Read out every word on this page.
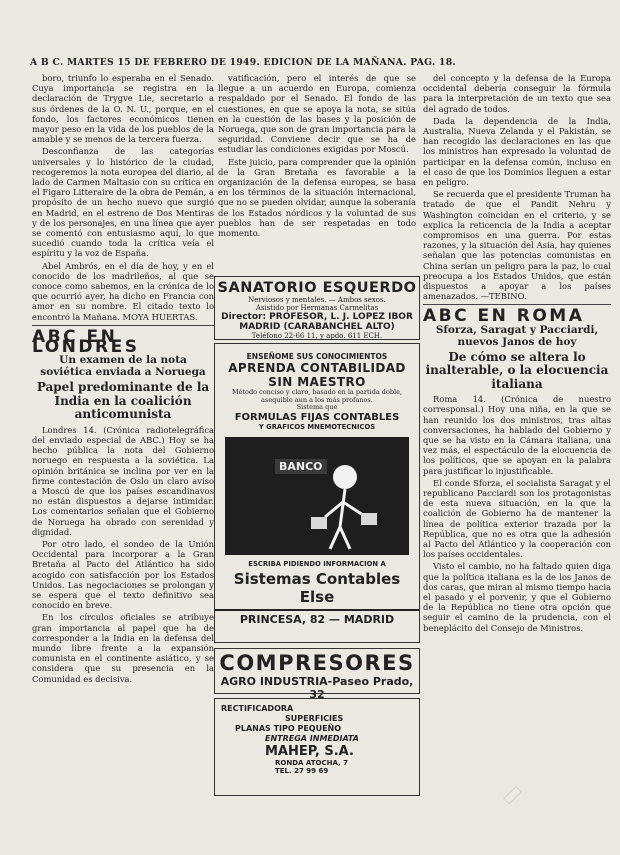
A B C. MARTES 15 DE FEBRERO DE 1949. EDICION DE LA MAÑANA. PAG. 18.

boro, triunfo lo esperaba en el Senado. Cuya importancia se registra en la declaración de Trygve Lie, secretario a sus órdenes de la O. N. U., porque, en el fondo, los factores económicos tienen mayor peso en la vida de los pueblos de la amable y se menos de la tercera fuerza.

Desconfianza de las categorías universales y lo histórico de la ciudad, recogeremos la nota europea del diario, al lado de Carmen Maltasio con su crítica en el Figaro Litteraire de la obra de Pemán, a propósito de un hecho nuevo que surgió en Madrid, en el estreno de Dos Mentiras y de los personajes, en una línea que ayer se comentó con entusiasmo aquí, lo que sucedió cuando toda la crítica veía el espíritu y la voz de España.

Abel Ambrós, en el día de hoy, y en el conocido de los madrileños, al que se conoce como sabemos, en la crónica de lo que ocurrió ayer, ha dicho en Francia con amor en su nombre. El citado texto lo encontró la Mañana. MOYA HUERTAS.

ABC EN LONDRES
Un examen de la nota soviética enviada a Noruega
Papel predominante de la India en la coalición anticomunista

Londres 14. (Crónica radiotelegráfica del enviado especial de ABC.) Hoy se ha hecho pública la nota del Gobierno noruego en respuesta a la soviética. La opinión británica se inclina por ver en la firme contestación de Oslo un claro aviso a Moscú de que los países escandinavos no están dispuestos a dejarse intimidar. Los comentarios señalan que el Gobierno de Noruega ha obrado con serenidad y dignidad.

Por otro lado, el sondeo de la Unión Occidental para incorporar a la Gran Bretaña al Pacto del Atlántico ha sido acogido con satisfacción por los Estados Unidos. Las negociaciones se prolongan y se espera que el texto definitivo sea conocido en breve.

En los círculos oficiales se atribuye gran importancia al papel que ha de corresponder a la India en la defensa del mundo libre frente a la expansión comunista en el continente asiático, y se considera que su presencia en la Comunidad es decisiva.

vatificación, pero el interés de que se llegue a un acuerdo en Europa, comienza respaldado por el Senado. El fondo de las cuestiones, en que se apoya la nota, se sitúa en la cuestión de las bases y la posición de Noruega, que son de gran importancia para la seguridad. Conviene decir que se ha de estudiar las condiciones exigidas por Moscú.

Este juicio, para comprender que la opinión de la Gran Bretaña es favorable a la organización de la defensa europea, se basa en los términos de la situación internacional, que no se pueden olvidar, aunque la soberanía de los Estados nórdicos y la voluntad de sus pueblos han de ser respetadas en todo momento.

SANATORIO ESQUERDO
Nerviosos y mentales. — Ambos sexos.
Asistido por Hermanas Carmelitas
Director: PROFESOR, L. J. LOPEZ IBOR
MADRID (CARABANCHEL ALTO)
Teléfono 22-66 11, y apdo. 611 ECH.
ENSEÑOME SUS CONOCIMIENTOS
APRENDA CONTABILIDAD
SIN MAESTRO
Método conciso y claro, basado en la partida doble, asequible aun a los más profanos.
Sistema que
FORMULAS FIJAS CONTABLES
Y GRAFICOS MNEMOTECNICOS
BANCO
ESCRIBA PIDIENDO INFORMACION A
Sistemas Contables Else
PRINCESA, 82 — MADRID
COMPRESORES
AGRO INDUSTRIA-Paseo Prado, 32
RECTIFICADORA
SUPERFICIES
PLANAS TIPO PEQUEÑO
ENTREGA INMEDIATA
MAHEP, S.A.
RONDA ATOCHA, 7
TEL. 27 99 69

del concepto y la defensa de la Europa occidental debería conseguir la fórmula para la interpretación de un texto que sea del agrado de todos.

Dada la dependencia de la India, Australia, Nueva Zelanda y el Pakistán, se han recogido las declaraciones en las que los ministros han expresado la voluntad de participar en la defensa común, incluso en el caso de que los Dominios lleguen a estar en peligro.

Se recuerda que el presidente Truman ha tratado de que el Pandit Nehru y Washington coincidan en el criterio, y se explica la reticencia de la India a aceptar compromisos en una guerra. Por estas razones, y la situación del Asia, hay quienes señalan que las potencias comunistas en China serían un peligro para la paz, lo cual preocupa a los Estados Unidos, que están dispuestos a apoyar a los países amenazados. —TEBINO.

ABC EN ROMA
Sforza, Saragat y Pacciardi, nuevos Janos de hoy
De cómo se altera lo inalterable, o la elocuencia italiana

Roma 14. (Crónica de nuestro corresponsal.) Hoy una niña, en la que se han reunido los dos ministros, tras altas conversaciones, ha hablado del Gobierno y que se ha visto en la Cámara italiana, una vez más, el espectáculo de la elocuencia de los políticos, que se apoyan en la palabra para justificar lo injustificable.

El conde Sforza, el socialista Saragat y el republicano Pacciardi son los protagonistas de esta nueva situación, en la que la coalición de Gobierno ha de mantener la línea de política exterior trazada por la República, que no es otra que la adhesión al Pacto del Atlántico y la cooperación con los países occidentales.

Visto el cambio, no ha faltado quien diga que la política italiana es la de los Janos de dos caras, que miran al mismo tiempo hacia el pasado y el porvenir, y que el Gobierno de la República no tiene otra opción que seguir el camino de la prudencia, con el beneplácito del Consejo de Ministros.

▭
▭
